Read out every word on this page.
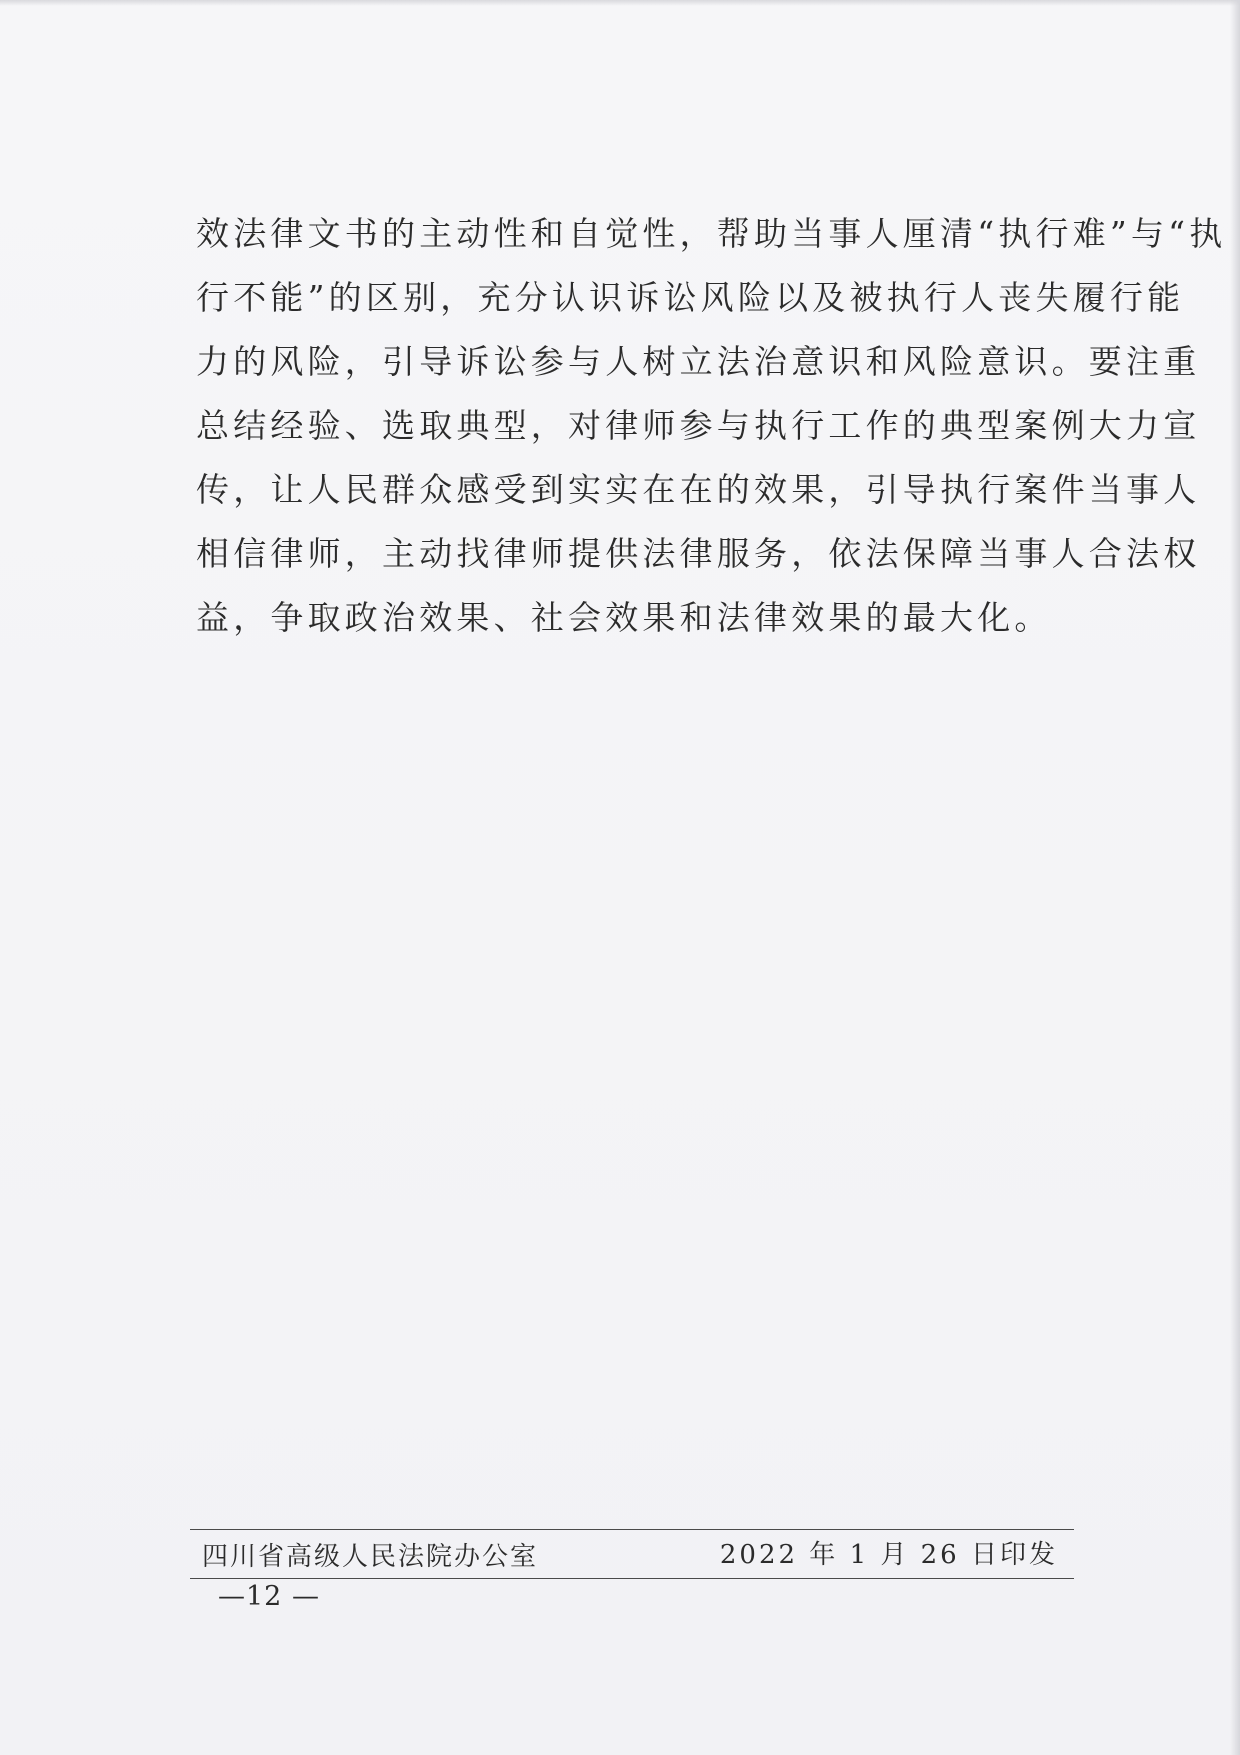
效法律文书的主动性和自觉性，帮助当事人厘清“执行难”与“执
行不能”的区别，充分认识诉讼风险以及被执行人丧失履行能
力的风险，引导诉讼参与人树立法治意识和风险意识。要注重
总结经验、选取典型，对律师参与执行工作的典型案例大力宣
传，让人民群众感受到实实在在的效果，引导执行案件当事人
相信律师，主动找律师提供法律服务，依法保障当事人合法权
益，争取政治效果、社会效果和法律效果的最大化。
四川省高级人民法院办公室	2022 年 1 月 26 日印发
—12 —
